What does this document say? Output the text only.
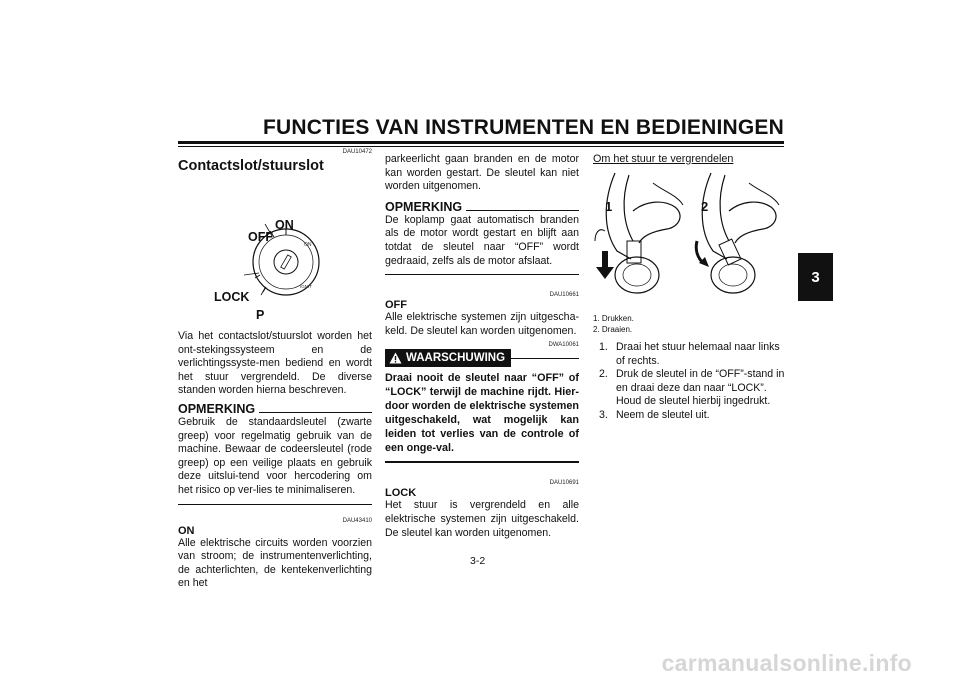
FUNCTIES VAN INSTRUMENTEN EN BEDIENINGEN
3
DAU10472
Contactslot/stuurslot
ON
IGNIT
ON
OFF
LOCK
P
Via het contactslot/stuurslot worden het ont-stekingssysteem en de verlichtingssyste-men bediend en wordt het stuur vergrendeld. De diverse standen worden hierna beschreven.
OPMERKING
Gebruik de standaardsleutel (zwarte greep) voor regelmatig gebruik van de machine. Bewaar de codeersleutel (rode greep) op een veilige plaats en gebruik deze uitslui-tend voor hercodering om het risico op ver-lies te minimaliseren.
DAU43410
ON
Alle elektrische circuits worden voorzien van stroom; de instrumentenverlichting, de achterlichten, de kentekenverlichting en het
parkeerlicht gaan branden en de motor kan worden gestart. De sleutel kan niet worden uitgenomen.
OPMERKING
De koplamp gaat automatisch branden als de motor wordt gestart en blijft aan totdat de sleutel naar “OFF” wordt gedraaid, zelfs als de motor afslaat.
DAU10661
OFF
Alle elektrische systemen zijn uitgescha-keld. De sleutel kan worden uitgenomen.
DWA10061
WAARSCHUWING
Draai nooit de sleutel naar “OFF” of “LOCK” terwijl de machine rijdt. Hier-door worden de elektrische systemen uitgeschakeld, wat mogelijk kan leiden tot verlies van de controle of een onge-val.
DAU10691
LOCK
Het stuur is vergrendeld en alle elektrische systemen zijn uitgeschakeld. De sleutel kan worden uitgenomen.
Om het stuur te vergrendelen
1	2
1. Drukken.
2. Draaien.
1. Draai het stuur helemaal naar links of rechts.
2. Druk de sleutel in de “OFF”-stand in en draai deze dan naar “LOCK”. Houd de sleutel hierbij ingedrukt.
3. Neem de sleutel uit.
3-2
carmanualsonline.info
